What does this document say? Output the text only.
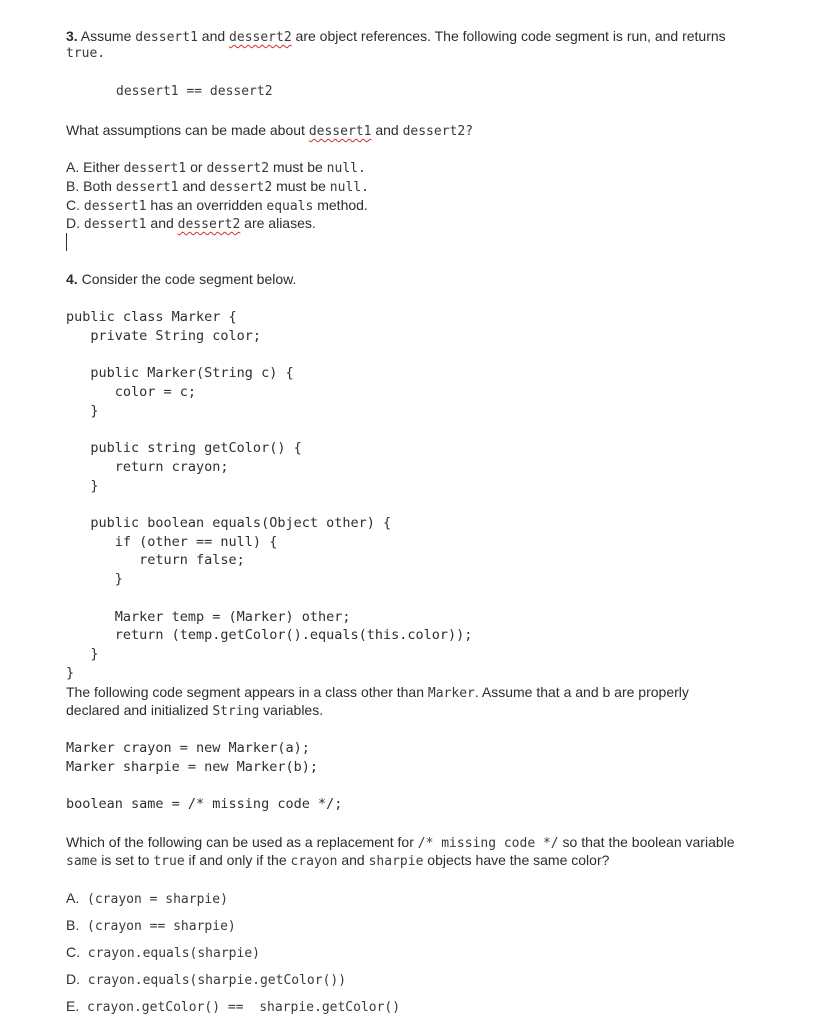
3. Assume dessert1 and dessert2 are object references. The following code segment is run, and returns
true.
dessert1 == dessert2
What assumptions can be made about dessert1 and dessert2?
A. Either dessert1 or dessert2 must be null.
B. Both dessert1 and dessert2 must be null.
C. dessert1 has an overridden equals method.
D. dessert1 and dessert2 are aliases.
4. Consider the code segment below.
public class Marker {
private String color;
public Marker(String c) {
color = c;
}
public string getColor() {
return crayon;
}
public boolean equals(Object other) {
if (other == null) {
return false;
}
Marker temp = (Marker) other;
return (temp.getColor().equals(this.color));
}
}
The following code segment appears in a class other than Marker. Assume that a and b are properly
declared and initialized String variables.
Marker crayon = new Marker(a);
Marker sharpie = new Marker(b);
boolean same = /* missing code */;
Which of the following can be used as a replacement for /* missing code */ so that the boolean variable
same is set to true if and only if the crayon and sharpie objects have the same color?
A. (crayon = sharpie)
B. (crayon == sharpie)
C. crayon.equals(sharpie)
D. crayon.equals(sharpie.getColor())
E. crayon.getColor() ==  sharpie.getColor()
